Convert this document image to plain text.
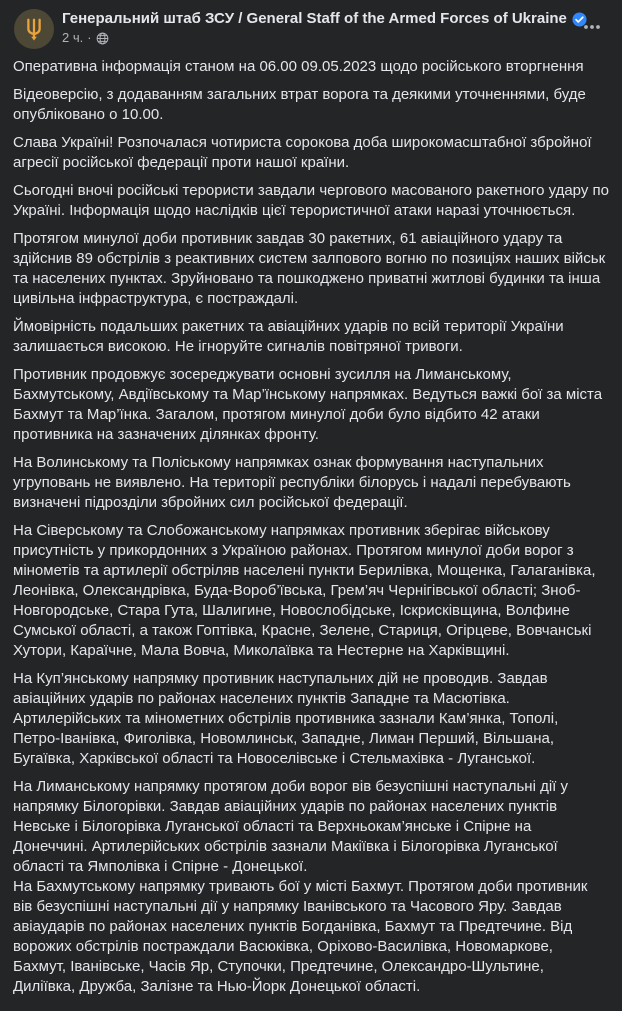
Генеральний штаб ЗСУ / General Staff of the Armed Forces of Ukraine
2 ч. ·

Оперативна інформація станом на 06.00 09.05.2023 щодо російського вторгнення

Відеоверсію, з додаванням загальних втрат ворога та деякими уточненнями, буде опубліковано о 10.00.

Слава Україні! Розпочалася чотириста сорокова доба широкомасштабної збройної агресії російської федерації проти нашої країни.

Сьогодні вночі російські терористи завдали чергового масованого ракетного удару по Україні. Інформація щодо наслідків цієї терористичної атаки наразі уточнюється.

Протягом минулої доби противник завдав 30 ракетних, 61 авіаційного удару та здійснив 89 обстрілів з реактивних систем залпового вогню по позиціях наших військ та населених пунктах. Зруйновано та пошкоджено приватні житлові будинки та інша цивільна інфраструктура, є постраждалі.

Ймовірність подальших ракетних та авіаційних ударів по всій території України залишається високою. Не ігноруйте сигналів повітряної тривоги.

Противник продовжує зосереджувати основні зусилля на Лиманському, Бахмутському, Авдіївському та Мар’їнському напрямках. Ведуться важкі бої за міста Бахмут та Мар’їнка. Загалом, протягом минулої доби було відбито 42 атаки противника на зазначених ділянках фронту.

На Волинському та Поліському напрямках ознак формування наступальних угруповань не виявлено. На території республіки білорусь і надалі перебувають визначені підрозділи збройних сил російської федерації.

На Сіверському та Слобожанському напрямках противник зберігає військову присутність у прикордонних з Україною районах. Протягом минулої доби ворог з мінометів та артилерії обстріляв населені пункти Берилівка, Мощенка, Галаганівка, Леонівка, Олександрівка, Буда-Вороб’ївська, Грем’яч Чернігівської області; Зноб-Новгородське, Стара Гута, Шалигине, Новослобідське, Іскрисківщина, Волфине Сумської області, а також Гоптівка, Красне, Зелене, Стариця, Огірцеве, Вовчанські Хутори, Караїчне, Мала Вовча, Миколаївка та Нестерне на Харківщині.

На Куп’янському напрямку противник наступальних дій не проводив. Завдав авіаційних ударів по районах населених пунктів Западне та Масютівка. Артилерійських та мінометних обстрілів противника зазнали Кам’янка, Тополі, Петро-Іванівка, Фиголівка, Новомлинськ, Западне, Лиман Перший, Вільшана, Бугаївка, Харківської області та Новоселівське і Стельмахівка - Луганської.

На Лиманському напрямку протягом доби ворог вів безуспішні наступальні дії у напрямку Білогорівки. Завдав авіаційних ударів по районах населених пунктів Невське і Білогорівка Луганської області та Верхньокам’янське і Спірне на Донеччині. Артилерійських обстрілів зазнали Макіївка і Білогорівка Луганської області та Ямполівка і Спірне - Донецької.

На Бахмутському напрямку тривають бої у місті Бахмут. Протягом доби противник вів безуспішні наступальні дії у напрямку Іванівського та Часового Яру. Завдав авіаударів по районах населених пунктів Богданівка, Бахмут та Предтечине. Від ворожих обстрілів постраждали Васюківка, Оріхово-Василівка, Новомаркове, Бахмут, Іванівське, Часів Яр, Ступочки, Предтечине, Олександро-Шультине, Диліївка, Дружба, Залізне та Нью-Йорк Донецької області.
